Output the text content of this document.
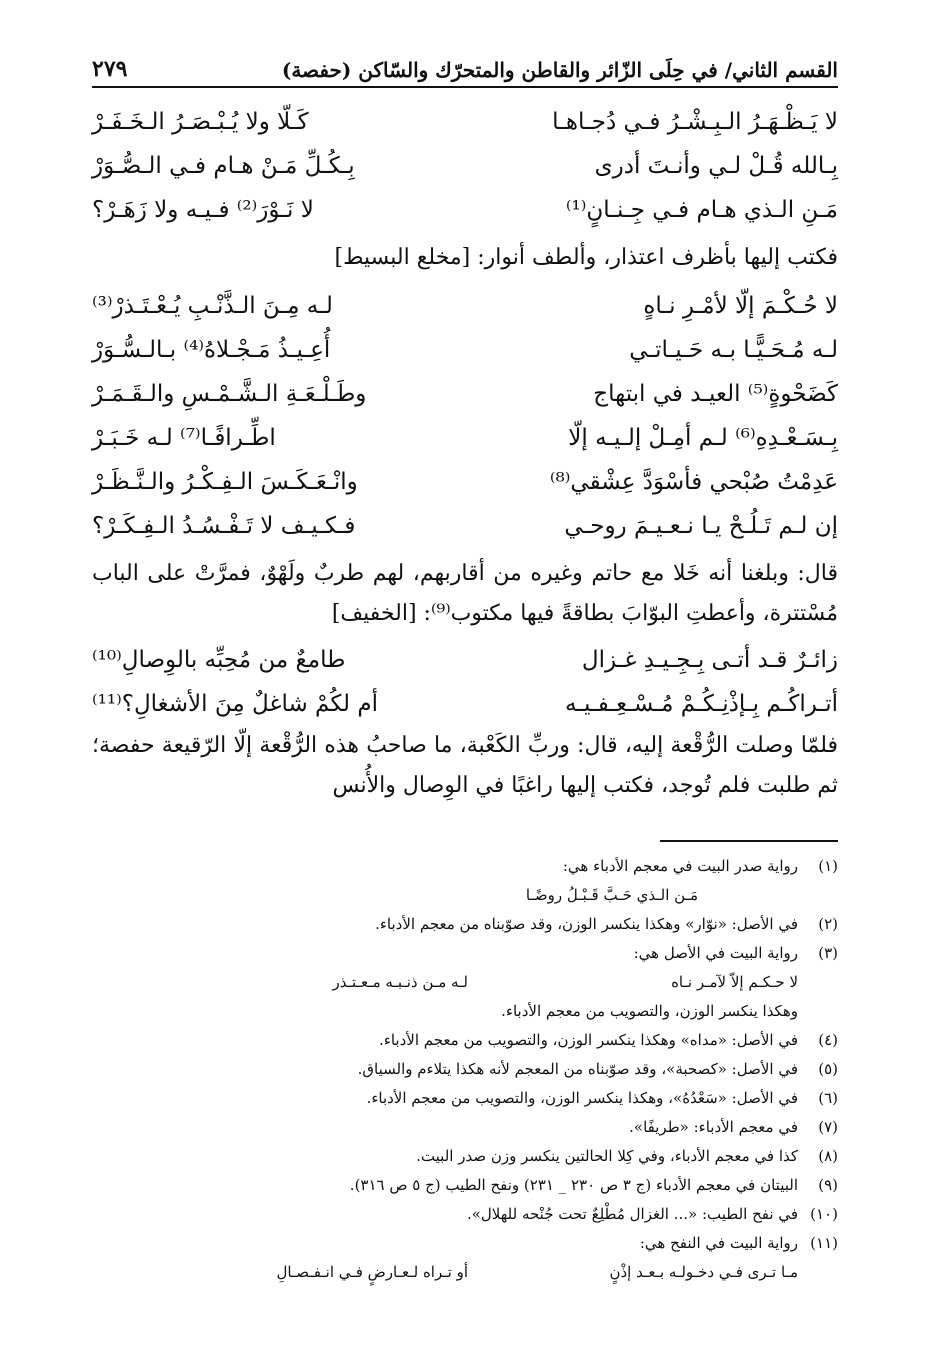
القسم الثاني/ في حِلَى الزّائر والقاطن والمتحرّك والسّاكن (حفصة)
٢٧٩
لا يَـظْـهَـرُ الـبِـشْـرُ فـي دُجـاهـا
كَـلّا ولا يُـبْـصَـرُ الـخَـفَـرْ
بِـالله قُـلْ لـي وأنـتَ أدرى
بِـكُـلِّ مَـنْ هـام فـي الـصُّـوَرْ
مَـنِ الـذي هـام فـي جِـنـانٍ⁽¹⁾
لا نَـوْرَ⁽²⁾ فـيـه ولا زَهَـرْ؟

فكتب إليها بأظرف اعتذار، وألطف أنوار: [مخلع البسيط]

لا حُـكْـمَ إلّا لأمْـرِ نـاهٍ
لـه مِـنَ الـذَّنْـبِ يُـعْـتَـذرْ⁽³⁾
لـه مُـحَـيًّـا بـه حَـيـاتـي
أُعِـيـذُ مَـجْـلاهُ⁽⁴⁾ بـالـسُّـوَرْ
كَضَحْوةٍ⁽⁵⁾ العيـد في ابتهاج
وطَـلْـعَـةِ الـشَّـمْـسِ والـقَـمَـرْ
بِـسَـعْـدِهِ⁽⁶⁾ لـم أمِـلْ إلـيـه إلّا
اطِّـرافًـا⁽⁷⁾ لـه خَـبَـرْ
عَدِمْتُ صُبْحي فأسْوَدَّ عِشْقي⁽⁸⁾
وانْـعَـكَـسَ الـفِـكْـرُ والـنَّـظَـرْ
إن لـم تَـلُـحْ يـا نـعـيـمَ روحـي
فـكـيـف لا تَـفْـسُـدُ الـفِـكَـرْ؟

قال: وبلغنا أنه خَلا مع حاتم وغيره من أقاربهم، لهم طربٌ ولَهْوٌ، فمرَّتْ على الباب مُسْتترة، وأعطتِ البوّابَ بطاقةً فيها مكتوب⁽⁹⁾: [الخفيف]

زائـرٌ قـد أتـى بِـجِـيـدِ غـزال
طامعٌ من مُحِبِّه بالوِصالِ⁽¹⁰⁾
أتـراكُـم بِـإذْنِـكُـمْ مُـسْـعِـفـيـه
أم لكُمْ شاغلٌ مِنَ الأشغالِ؟⁽¹¹⁾

فلمّا وصلت الرُّقْعة إليه، قال: وربِّ الكَعْبة، ما صاحبُ هذه الرُّقْعة إلّا الرّقيعة حفصة؛ ثم طلبت فلم تُوجد، فكتب إليها راغبًا في الوِصال والأُنس

(١)رواية صدر البيت في معجم الأدباء هي:
مَـن الـذي حَـبَّ قَـبْـلُ روضًـا
(٢)في الأصل: «نوّار» وهكذا ينكسر الوزن، وقد صوّبناه من معجم الأدباء.
(٣)رواية البيت في الأصل هي:
لا حـكـم إلاّ لآمـر نـاه
لـه مـن ذنـبـه مـعـتـذر
وهكذا ينكسر الوزن، والتصويب من معجم الأدباء.
(٤)في الأصل: «مداه» وهكذا ينكسر الوزن، والتصويب من معجم الأدباء.
(٥)في الأصل: «كصحبة»، وقد صوّبناه من المعجم لأنه هكذا يتلاءم والسياق.
(٦)في الأصل: «سَعْدُهُ»، وهكذا ينكسر الوزن، والتصويب من معجم الأدباء.
(٧)في معجم الأدباء: «طريفًا».
(٨)كذا في معجم الأدباء، وفي كِلا الحالتين ينكسر وزن صدر البيت.
(٩)البيتان في معجم الأدباء (ج ٣ ص ٢٣٠ _ ٢٣١) ونفح الطيب (ج ٥ ص ٣١٦).
(١٠)في نفح الطيب: «... الغزال مُطْلِعٌ تحت جُنْحه للهلال».
(١١)رواية البيت في النفح هي:
مـا تـرى فـي دخـولـه بـعـد إذْنٍ
أو تـراه لـعـارضٍ فـي انـفـصـالِ
